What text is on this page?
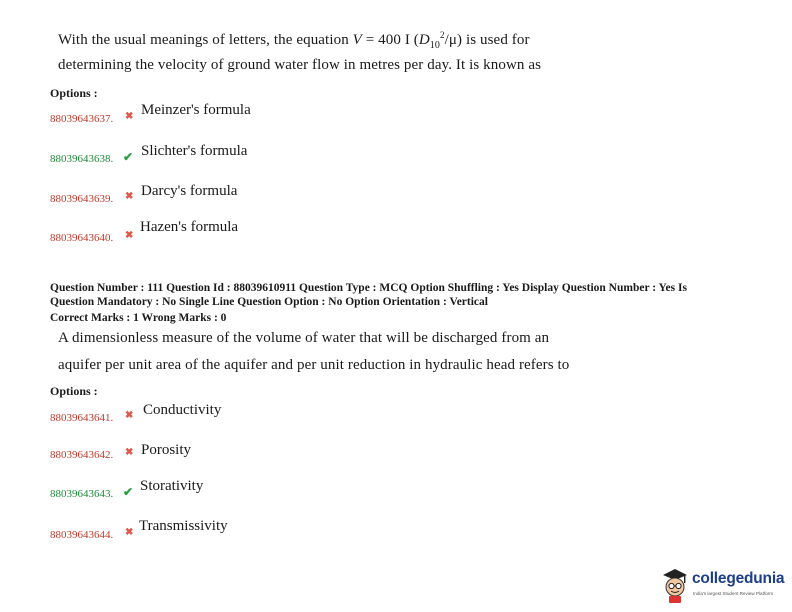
With the usual meanings of letters, the equation V = 400 I $(D_{10}^2/\mu)$ is used for
determining the velocity of ground water flow in metres per day. It is known as
Options :
88039643637. ✖ Meinzer's formula
88039643638. ✔ Slichter's formula
88039643639. ✖ Darcy's formula
88039643640. ✖
Hazen's formula
Question Number : 111 Question Id : 88039610911 Question Type : MCQ Option Shuffling : Yes Display Question Number : Yes Is
Question Mandatory : No Single Line Question Option : No Option Orientation : Vertical
Correct Marks : 1 Wrong Marks : 0
A dimensionless measure of the volume of water that will be discharged from an
aquifer per unit area of the aquifer and per unit reduction in hydraulic head refers to
Options :
88039643641. ✖ Conductivity
88039643642. ✖ Porosity
88039643643. ✔ Storativity
88039643644. ✖ Transmissivity
collegedunia
India's largest Student Review Platform
